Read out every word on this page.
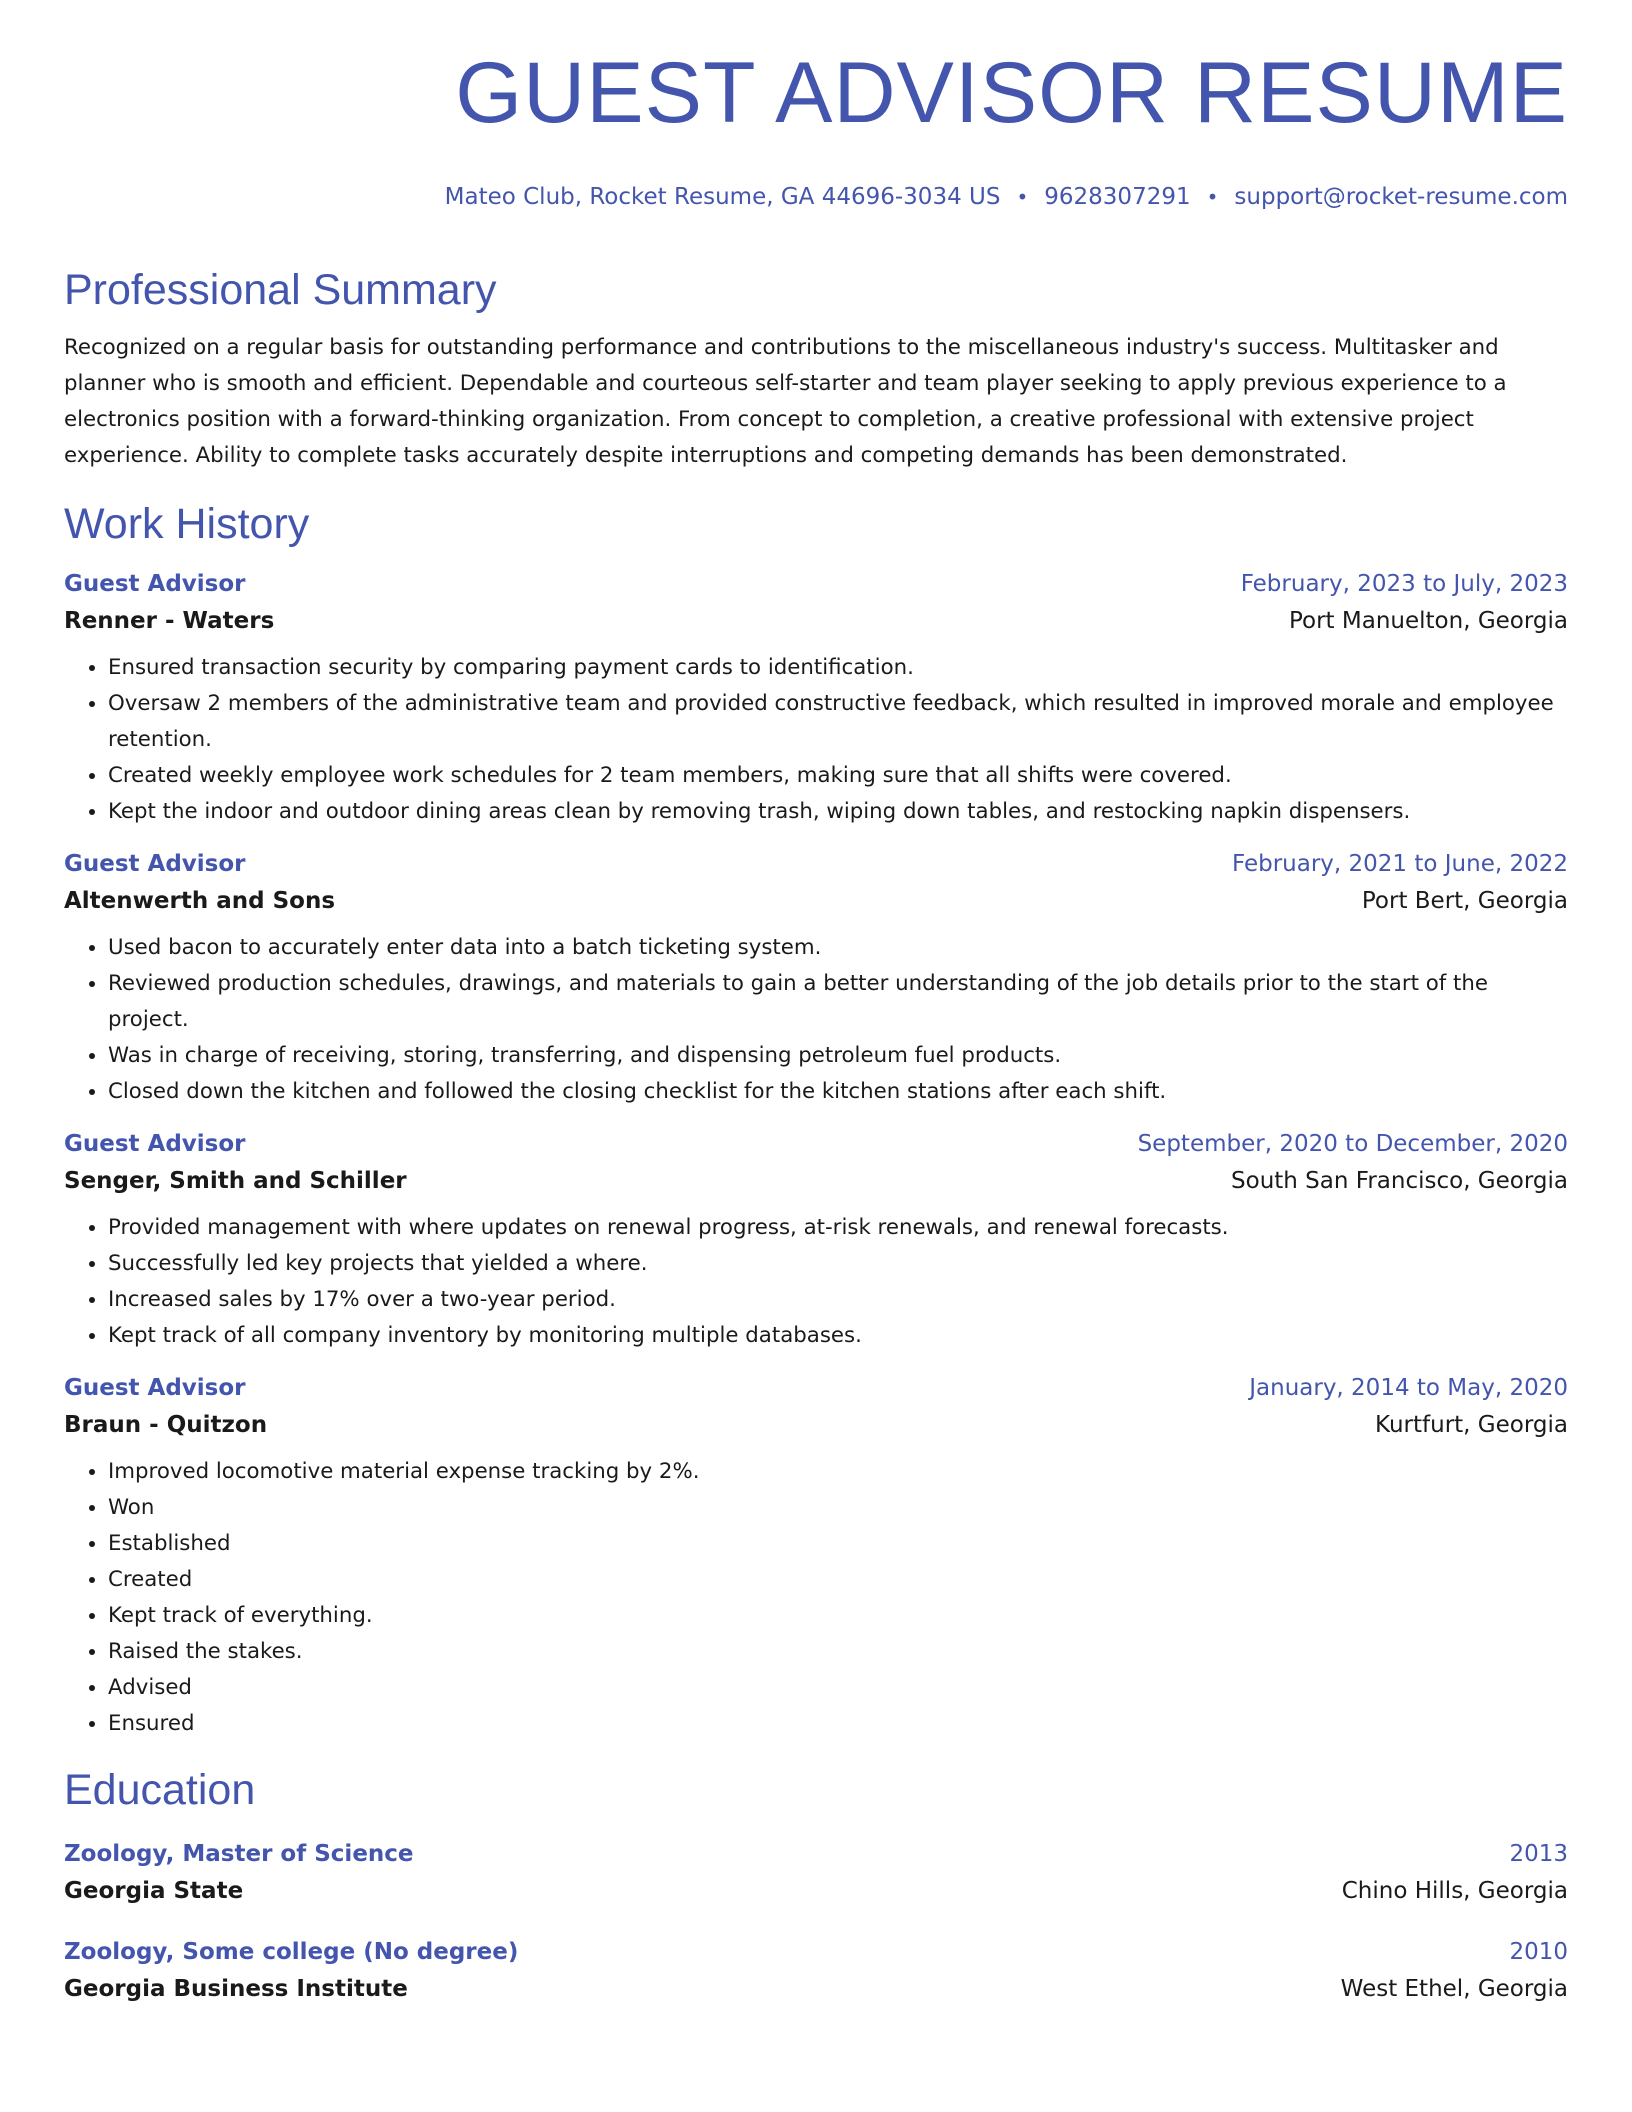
GUEST ADVISOR RESUME
Mateo Club, Rocket Resume, GA 44696-3034 US • 9628307291 • support@rocket-resume.com
Professional Summary

Recognized on a regular basis for outstanding performance and contributions to the miscellaneous industry's success. Multitasker and planner who is smooth and efficient. Dependable and courteous self-starter and team player seeking to apply previous experience to a electronics position with a forward-thinking organization. From concept to completion, a creative professional with extensive project experience. Ability to complete tasks accurately despite interruptions and competing demands has been demonstrated.

Work History
Guest Advisor	February, 2023 to July, 2023
Renner - Waters	Port Manuelton, Georgia
• Ensured transaction security by comparing payment cards to identification.
• Oversaw 2 members of the administrative team and provided constructive feedback, which resulted in improved morale and employee retention.
• Created weekly employee work schedules for 2 team members, making sure that all shifts were covered.
• Kept the indoor and outdoor dining areas clean by removing trash, wiping down tables, and restocking napkin dispensers.
Guest Advisor	February, 2021 to June, 2022
Altenwerth and Sons	Port Bert, Georgia
• Used bacon to accurately enter data into a batch ticketing system.
• Reviewed production schedules, drawings, and materials to gain a better understanding of the job details prior to the start of the project.
• Was in charge of receiving, storing, transferring, and dispensing petroleum fuel products.
• Closed down the kitchen and followed the closing checklist for the kitchen stations after each shift.
Guest Advisor	September, 2020 to December, 2020
Senger, Smith and Schiller	South San Francisco, Georgia
• Provided management with where updates on renewal progress, at-risk renewals, and renewal forecasts.
• Successfully led key projects that yielded a where.
• Increased sales by 17% over a two-year period.
• Kept track of all company inventory by monitoring multiple databases.
Guest Advisor	January, 2014 to May, 2020
Braun - Quitzon	Kurtfurt, Georgia
• Improved locomotive material expense tracking by 2%.
• Won
• Established
• Created
• Kept track of everything.
• Raised the stakes.
• Advised
• Ensured
Education
Zoology, Master of Science	2013
Georgia State	Chino Hills, Georgia
Zoology, Some college (No degree)	2010
Georgia Business Institute	West Ethel, Georgia
